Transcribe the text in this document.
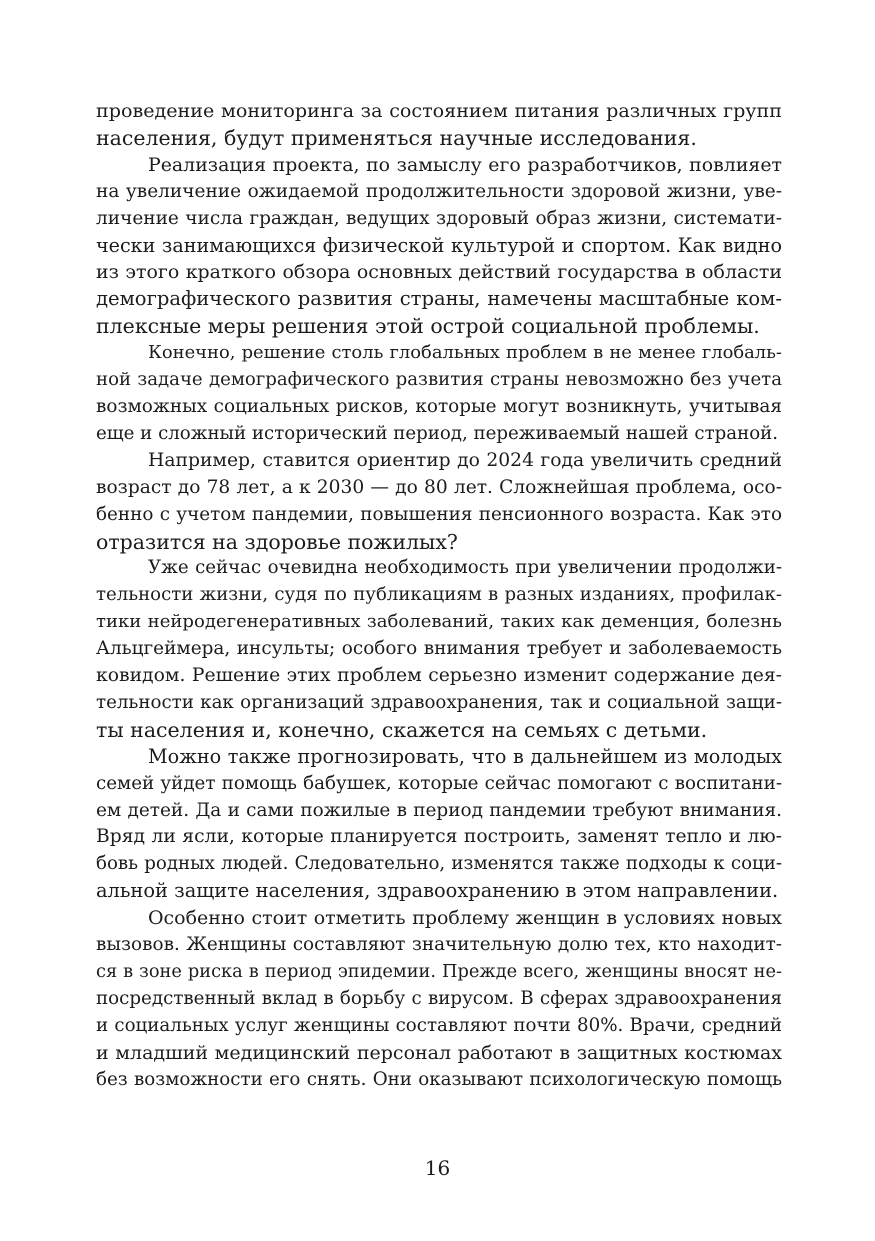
проведение мониторинга за состоянием питания различных групп
населения, будут применяться научные исследования.
Реализация проекта, по замыслу его разработчиков, повлияет
на увеличение ожидаемой продолжительности здоровой жизни, уве-
личение числа граждан, ведущих здоровый образ жизни, системати-
чески занимающихся физической культурой и спортом. Как видно
из этого краткого обзора основных действий государства в области
демографического развития страны, намечены масштабные ком-
плексные меры решения этой острой социальной проблемы.
Конечно, решение столь глобальных проблем в не менее глобаль-
ной задаче демографического развития страны невозможно без учета
возможных социальных рисков, которые могут возникнуть, учитывая
еще и сложный исторический период, переживаемый нашей страной.
Например, ставится ориентир до 2024 года увеличить средний
возраст до 78 лет, а к 2030 — до 80 лет. Сложнейшая проблема, осо-
бенно с учетом пандемии, повышения пенсионного возраста. Как это
отразится на здоровье пожилых?
Уже сейчас очевидна необходимость при увеличении продолжи-
тельности жизни, судя по публикациям в разных изданиях, профилак-
тики нейродегенеративных заболеваний, таких как деменция, болезнь
Альцгеймера, инсульты; особого внимания требует и заболеваемость
ковидом. Решение этих проблем серьезно изменит содержание дея-
тельности как организаций здравоохранения, так и социальной защи-
ты населения и, конечно, скажется на семьях с детьми.
Можно также прогнозировать, что в дальнейшем из молодых
семей уйдет помощь бабушек, которые сейчас помогают с воспитани-
ем детей. Да и сами пожилые в период пандемии требуют внимания.
Вряд ли ясли, которые планируется построить, заменят тепло и лю-
бовь родных людей. Следовательно, изменятся также подходы к соци-
альной защите населения, здравоохранению в этом направлении.
Особенно стоит отметить проблему женщин в условиях новых
вызовов. Женщины составляют значительную долю тех, кто находит-
ся в зоне риска в период эпидемии. Прежде всего, женщины вносят не-
посредственный вклад в борьбу с вирусом. В сферах здравоохранения
и социальных услуг женщины составляют почти 80%. Врачи, средний
и младший медицинский персонал работают в защитных костюмах
без возможности его снять. Они оказывают психологическую помощь
16
